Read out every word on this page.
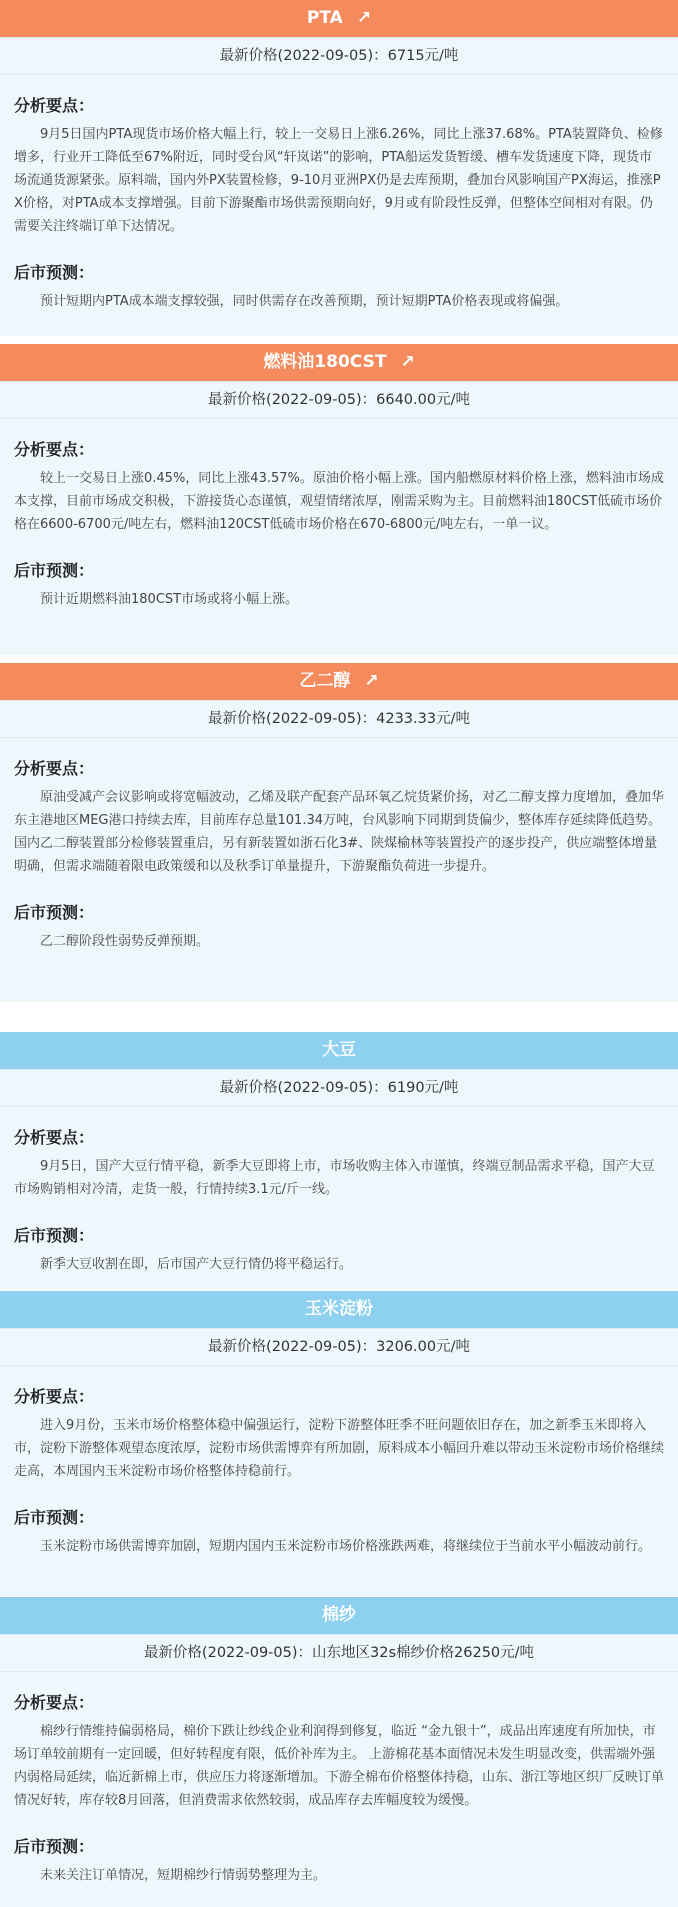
PTA ↗
最新价格(2022-09-05)：6715元/吨
分析要点：

9月5日国内PTA现货市场价格大幅上行，较上一交易日上涨6.26%，同比上涨37.68%。PTA装置降负、检修增多，行业开工降低至67%附近，同时受台风“轩岚诺”的影响，PTA船运发货暂缓、槽车发货速度下降，现货市场流通货源紧张。原料端，国内外PX装置检修，9-10月亚洲PX仍是去库预期，叠加台风影响国产PX海运，推涨PX价格，对PTA成本支撑增强。目前下游聚酯市场供需预期向好，9月或有阶段性反弹，但整体空间相对有限。仍需要关注终端订单下达情况。

后市预测：

预计短期内PTA成本端支撑较强，同时供需存在改善预期，预计短期PTA价格表现或将偏强。

燃料油180CST ↗
最新价格(2022-09-05)：6640.00元/吨
分析要点：

较上一交易日上涨0.45%，同比上涨43.57%。原油价格小幅上涨。国内船燃原材料价格上涨，燃料油市场成本支撑，目前市场成交积极，下游接货心态谨慎，观望情绪浓厚，刚需采购为主。目前燃料油180CST低硫市场价格在6600-6700元/吨左右，燃料油120CST低硫市场价格在670-6800元/吨左右，一单一议。

后市预测：

预计近期燃料油180CST市场或将小幅上涨。

乙二醇 ↗
最新价格(2022-09-05)：4233.33元/吨
分析要点：

原油受减产会议影响或将宽幅波动，乙烯及联产配套产品环氧乙烷货紧价扬，对乙二醇支撑力度增加，叠加华东主港地区MEG港口持续去库，目前库存总量101.34万吨，台风影响下同期到货偏少，整体库存延续降低趋势。国内乙二醇装置部分检修装置重启，另有新装置如浙石化3#、陕煤榆林等装置投产的逐步投产，供应端整体增量明确，但需求端随着限电政策缓和以及秋季订单量提升，下游聚酯负荷进一步提升。

后市预测：

乙二醇阶段性弱势反弹预期。

大豆
最新价格(2022-09-05)：6190元/吨
分析要点：

9月5日，国产大豆行情平稳，新季大豆即将上市，市场收购主体入市谨慎，终端豆制品需求平稳，国产大豆市场购销相对冷清，走货一般，行情持续3.1元/斤一线。

后市预测：

新季大豆收割在即，后市国产大豆行情仍将平稳运行。

玉米淀粉
最新价格(2022-09-05)：3206.00元/吨
分析要点：

进入9月份，玉米市场价格整体稳中偏强运行，淀粉下游整体旺季不旺问题依旧存在，加之新季玉米即将入市，淀粉下游整体观望态度浓厚，淀粉市场供需博弈有所加剧，原料成本小幅回升难以带动玉米淀粉市场价格继续走高，本周国内玉米淀粉市场价格整体持稳前行。

后市预测：

玉米淀粉市场供需博弈加剧，短期内国内玉米淀粉市场价格涨跌两难，将继续位于当前水平小幅波动前行。

棉纱
最新价格(2022-09-05)：山东地区32s棉纱价格26250元/吨
分析要点：

棉纱行情维持偏弱格局，棉价下跌让纱线企业利润得到修复，临近 “金九银十”，成品出库速度有所加快，市场订单较前期有一定回暖，但好转程度有限，低价补库为主。 上游棉花基本面情况未发生明显改变，供需端外强内弱格局延续，临近新棉上市，供应压力将逐渐增加。下游全棉布价格整体持稳，山东、浙江等地区织厂反映订单情况好转，库存较8月回落，但消费需求依然较弱，成品库存去库幅度较为缓慢。

后市预测：

未来关注订单情况，短期棉纱行情弱势整理为主。
